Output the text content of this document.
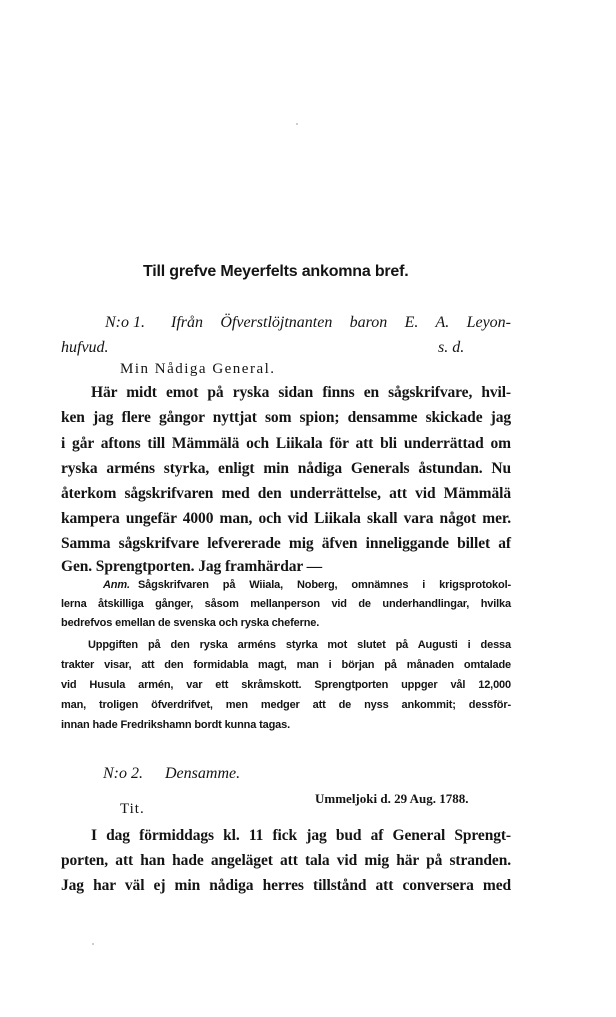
Till grefve Meyerfelts ankomna bref.
N:o 1. Ifrån Öfverstlöjtnanten baron E. A. Leyon-
hufvud.	s. d.
Min Nådiga General.
Här midt emot på ryska sidan finns en sågskrifvare, hvil-
ken jag flere gångor nyttjat som spion; densamme skickade jag
i går aftons till Mämmälä och Liikala för att bli underrättad om
ryska arméns styrka, enligt min nådiga Generals åstundan. Nu
återkom sågskrifvaren med den underrättelse, att vid Mämmälä
kampera ungefär 4000 man, och vid Liikala skall vara något mer.
Samma sågskrifvare lefvererade mig äfven inneliggande billet af
Gen. Sprengtporten. Jag framhärdar —
Anm. Sågskrifvaren på Wiiala, Noberg, omnämnes i krigsprotokol-
lerna åtskilliga gånger, såsom mellanperson vid de underhandlingar, hvilka
bedrefvos emellan de svenska och ryska cheferne.
Uppgiften på den ryska arméns styrka mot slutet på Augusti i dessa
trakter visar, att den formidabla magt, man i början på månaden omtalade
vid Husula armén, var ett skråmskott. Sprengtporten uppger vål 12,000
man, troligen öfverdrifvet, men medger att de nyss ankommit; dessför-
innan hade Fredrikshamn bordt kunna tagas.
N:o 2. Densamme.
Ummeljoki d. 29 Aug. 1788.
Tit.
I dag förmiddags kl. 11 fick jag bud af General Sprengt-
porten, att han hade angeläget att tala vid mig här på stranden.
Jag har väl ej min nådiga herres tillstånd att conversera med
